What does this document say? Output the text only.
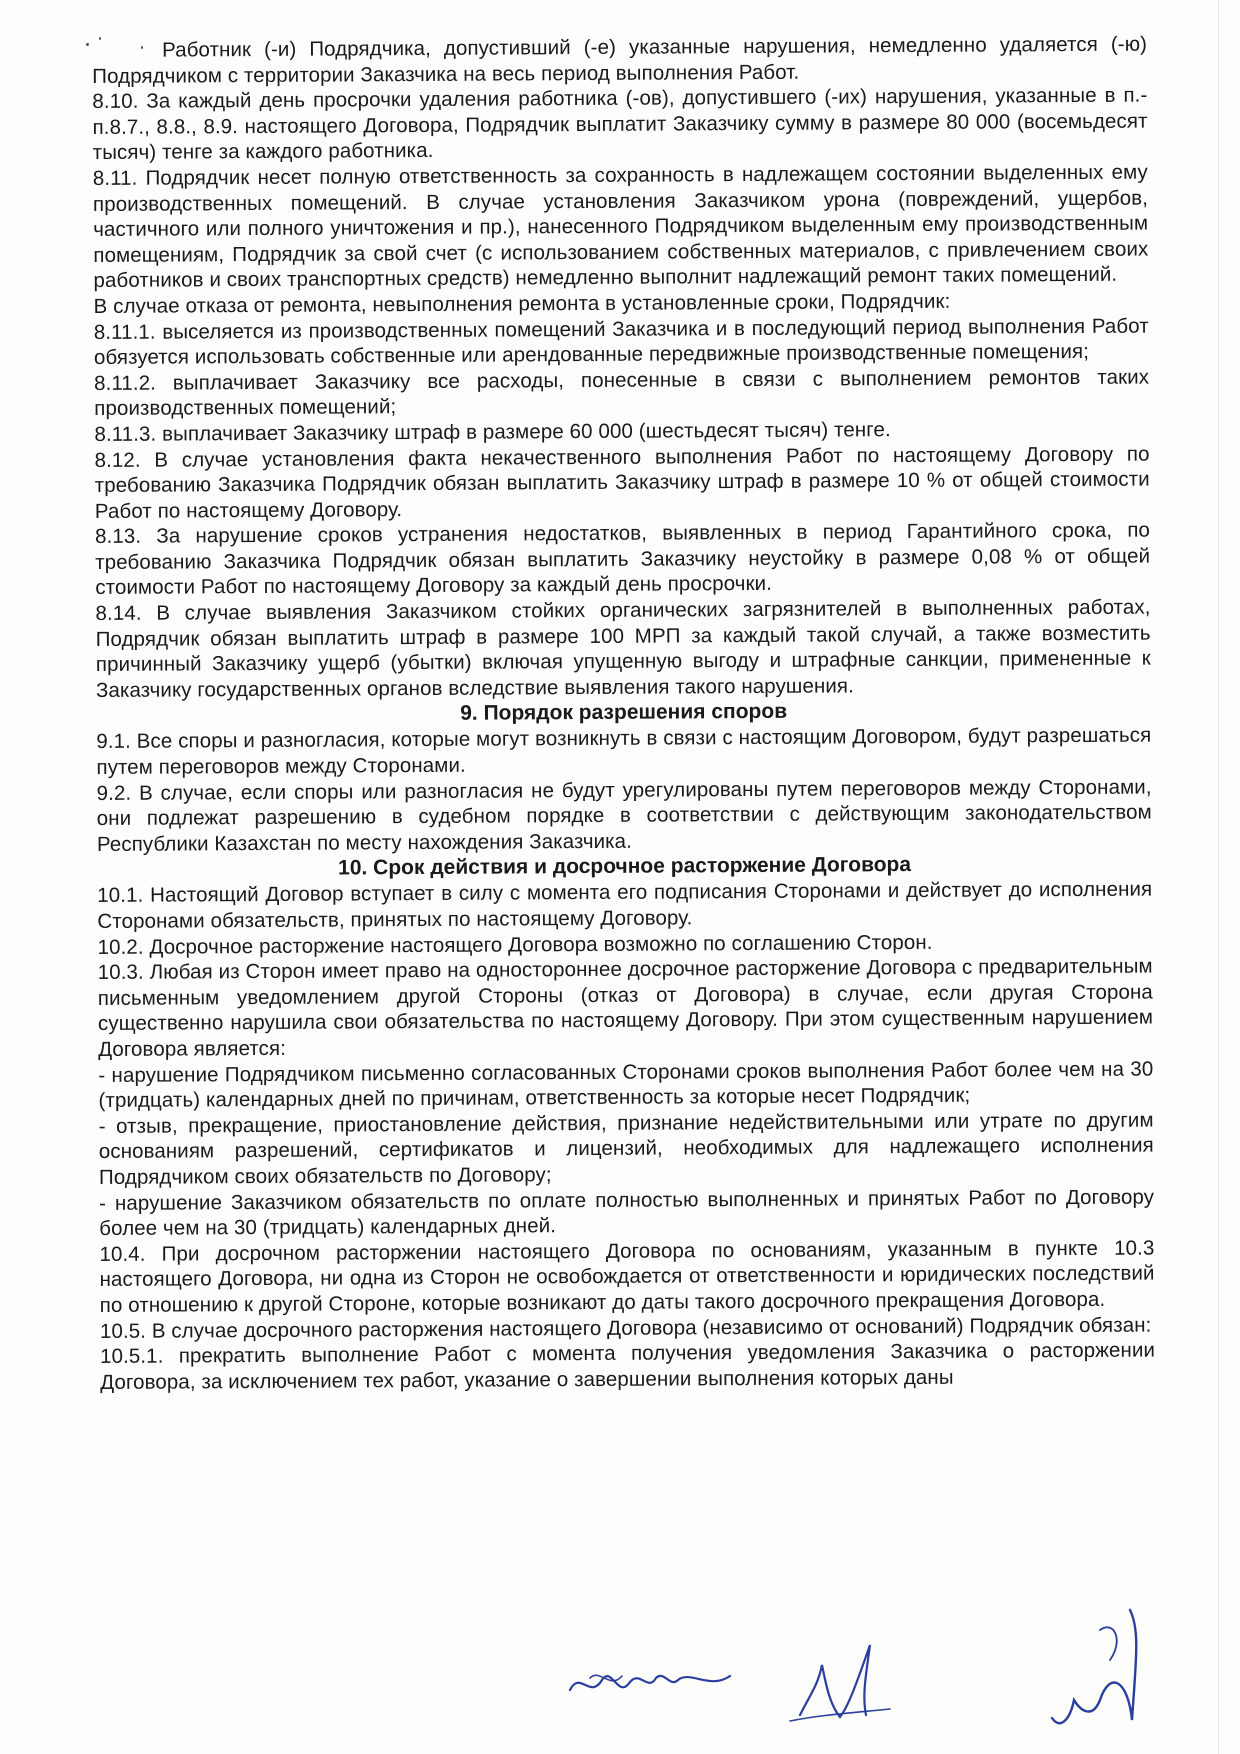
Работник (-и) Подрядчика, допустивший (-е) указанные нарушения, немедленно удаляется (-ю) Подрядчиком с территории Заказчика на весь период выполнения Работ.

8.10. За каждый день просрочки удаления работника (-ов), допустившего (-их) нарушения, указанные в п.-п.8.7., 8.8., 8.9. настоящего Договора, Подрядчик выплатит Заказчику сумму в размере 80 000 (восемьдесят тысяч) тенге за каждого работника.

8.11. Подрядчик несет полную ответственность за сохранность в надлежащем состоянии выделенных ему производственных помещений. В случае установления Заказчиком урона (повреждений, ущербов, частичного или полного уничтожения и пр.), нанесенного Подрядчиком выделенным ему производственным помещениям, Подрядчик за свой счет (с использованием собственных материалов, с привлечением своих работников и своих транспортных средств) немедленно выполнит надлежащий ремонт таких помещений.

В случае отказа от ремонта, невыполнения ремонта в установленные сроки, Подрядчик:

8.11.1. выселяется из производственных помещений Заказчика и в последующий период выполнения Работ обязуется использовать собственные или арендованные передвижные производственные помещения;

8.11.2. выплачивает Заказчику все расходы, понесенные в связи с выполнением ремонтов таких производственных помещений;

8.11.3. выплачивает Заказчику штраф в размере 60 000 (шестьдесят тысяч) тенге.

8.12. В случае установления факта некачественного выполнения Работ по настоящему Договору по требованию Заказчика Подрядчик обязан выплатить Заказчику штраф в размере 10 % от общей стоимости Работ по настоящему Договору.

8.13. За нарушение сроков устранения недостатков, выявленных в период Гарантийного срока, по требованию Заказчика Подрядчик обязан выплатить Заказчику неустойку в размере 0,08 % от общей стоимости Работ по настоящему Договору за каждый день просрочки.

8.14. В случае выявления Заказчиком стойких органических загрязнителей в выполненных работах, Подрядчик обязан выплатить штраф в размере 100 МРП за каждый такой случай, а также возместить причинный Заказчику ущерб (убытки) включая упущенную выгоду и штрафные санкции, примененные к Заказчику государственных органов вследствие выявления такого нарушения.

9. Порядок разрешения споров

9.1. Все споры и разногласия, которые могут возникнуть в связи с настоящим Договором, будут разрешаться путем переговоров между Сторонами.

9.2. В случае, если споры или разногласия не будут урегулированы путем переговоров между Сторонами, они подлежат разрешению в судебном порядке в соответствии с действующим законодательством Республики Казахстан по месту нахождения Заказчика.

10. Срок действия и досрочное расторжение Договора

10.1. Настоящий Договор вступает в силу с момента его подписания Сторонами и действует до исполнения Сторонами обязательств, принятых по настоящему Договору.

10.2. Досрочное расторжение настоящего Договора возможно по соглашению Сторон.

10.3. Любая из Сторон имеет право на одностороннее досрочное расторжение Договора с предварительным письменным уведомлением другой Стороны (отказ от Договора) в случае, если другая Сторона существенно нарушила свои обязательства по настоящему Договору. При этом существенным нарушением Договора является:

- нарушение Подрядчиком письменно согласованных Сторонами сроков выполнения Работ более чем на 30 (тридцать) календарных дней по причинам, ответственность за которые несет Подрядчик;

- отзыв, прекращение, приостановление действия, признание недействительными или утрате по другим основаниям разрешений, сертификатов и лицензий, необходимых для надлежащего исполнения Подрядчиком своих обязательств по Договору;

- нарушение Заказчиком обязательств по оплате полностью выполненных и принятых Работ по Договору более чем на 30 (тридцать) календарных дней.

10.4. При досрочном расторжении настоящего Договора по основаниям, указанным в пункте 10.3 настоящего Договора, ни одна из Сторон не освобождается от ответственности и юридических последствий по отношению к другой Стороне, которые возникают до даты такого досрочного прекращения Договора.

10.5. В случае досрочного расторжения настоящего Договора (независимо от оснований) Подрядчик обязан:

10.5.1. прекратить выполнение Работ с момента получения уведомления Заказчика о расторжении Договора, за исключением тех работ, указание о завершении выполнения которых даны
